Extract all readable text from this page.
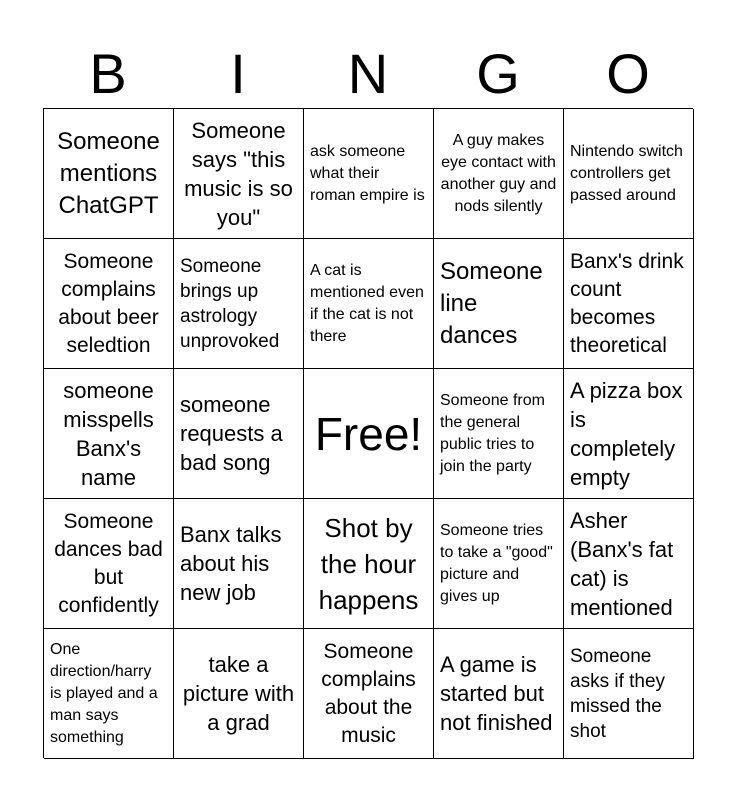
B	I	N	G	O
Someone mentions ChatGPT
Someone says "this music is so you"
ask someone what their roman empire is
A guy makes eye contact with another guy and nods silently
Nintendo switch controllers get passed around
Someone complains about beer seledtion
Someone brings up astrology unprovoked
A cat is mentioned even if the cat is not there
Someone line dances
Banx's drink count becomes theoretical
someone misspells Banx's name
someone requests a bad song
Free!
Someone from the general public tries to join the party
A pizza box is completely empty
Someone dances bad but confidently
Banx talks about his new job
Shot by the hour happens
Someone tries to take a "good" picture and gives up
Asher (Banx's fat cat) is mentioned
One direction/harry is played and a man says something
take a picture with a grad
Someone complains about the music
A game is started but not finished
Someone asks if they missed the shot
